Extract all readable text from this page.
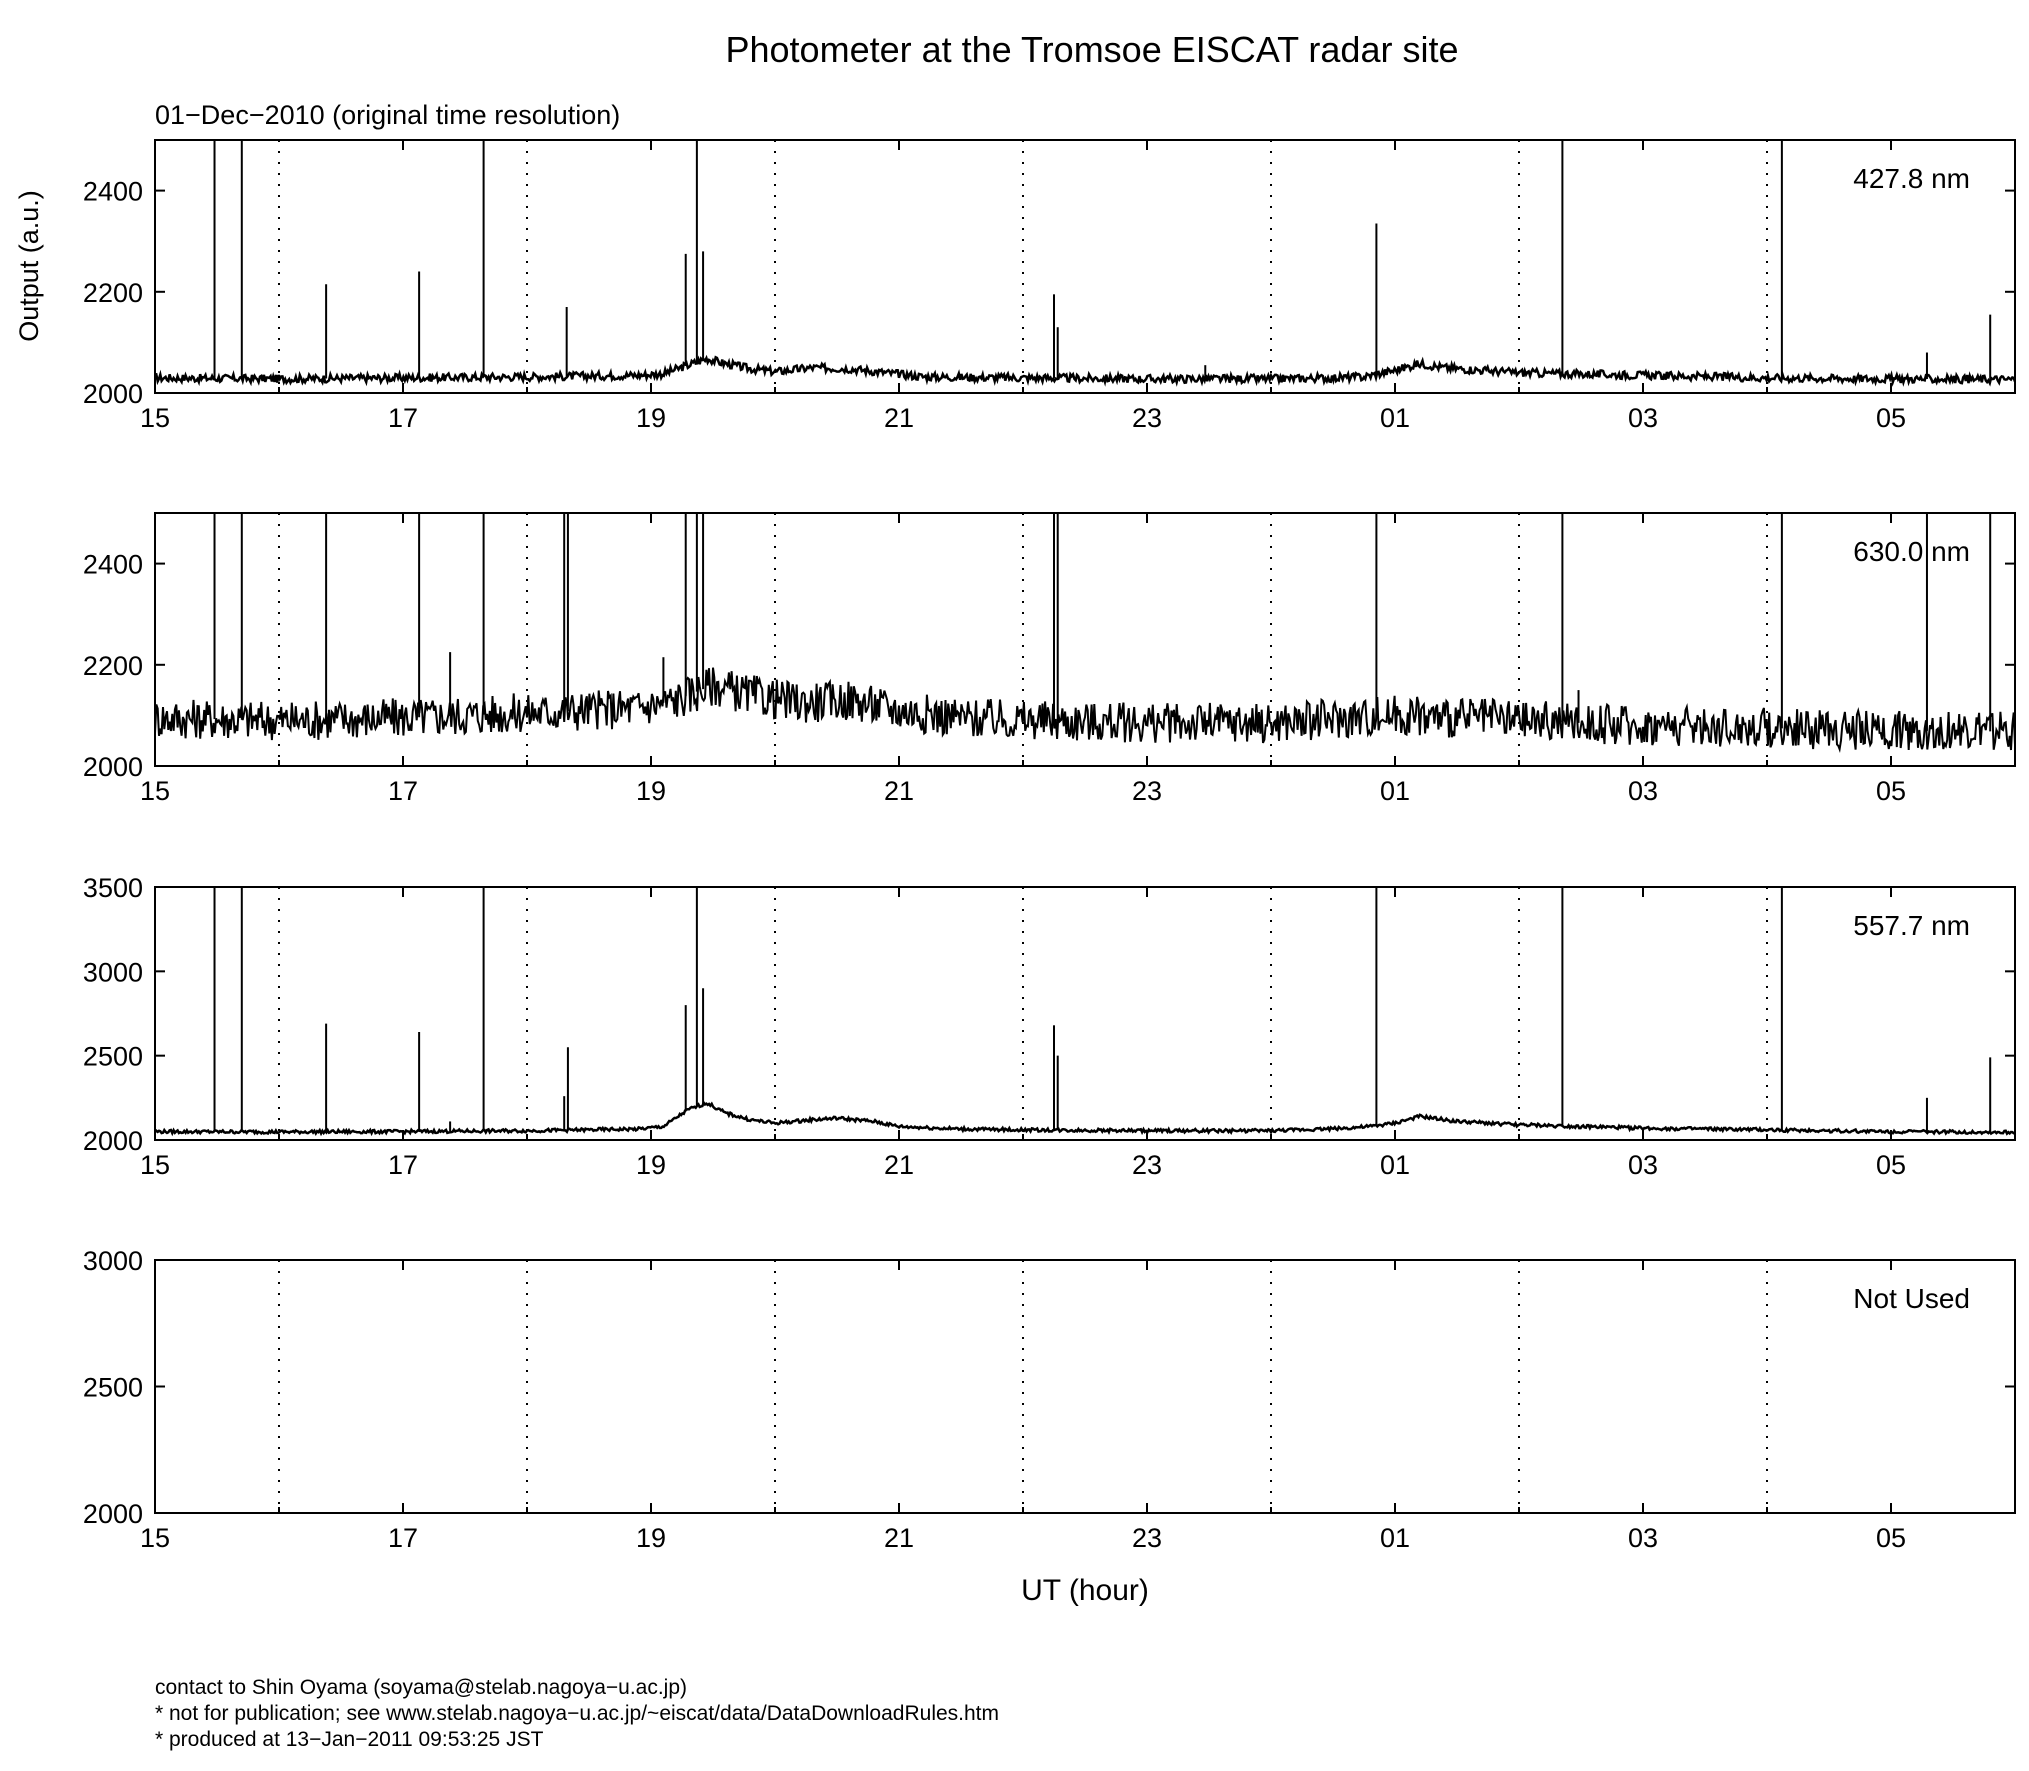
Photometer at the Tromsoe EISCAT radar site
01−Dec−2010 (original time resolution)
Output (a.u.)
UT (hour)
15	17	19	21	23	01	03	05
2000
2200
2400	427.8 nm
15	17	19	21	23	01	03	05
2000
2200
2400	630.0 nm
15	17	19	21	23	01	03	05
2000
2500
3000
3500
557.7 nm
15	17	19	21	23	01	03	05
2000
2500
3000
Not Used
contact to Shin Oyama (soyama@stelab.nagoya−u.ac.jp)
* not for publication; see www.stelab.nagoya−u.ac.jp/~eiscat/data/DataDownloadRules.htm
* produced at 13−Jan−2011 09:53:25 JST
